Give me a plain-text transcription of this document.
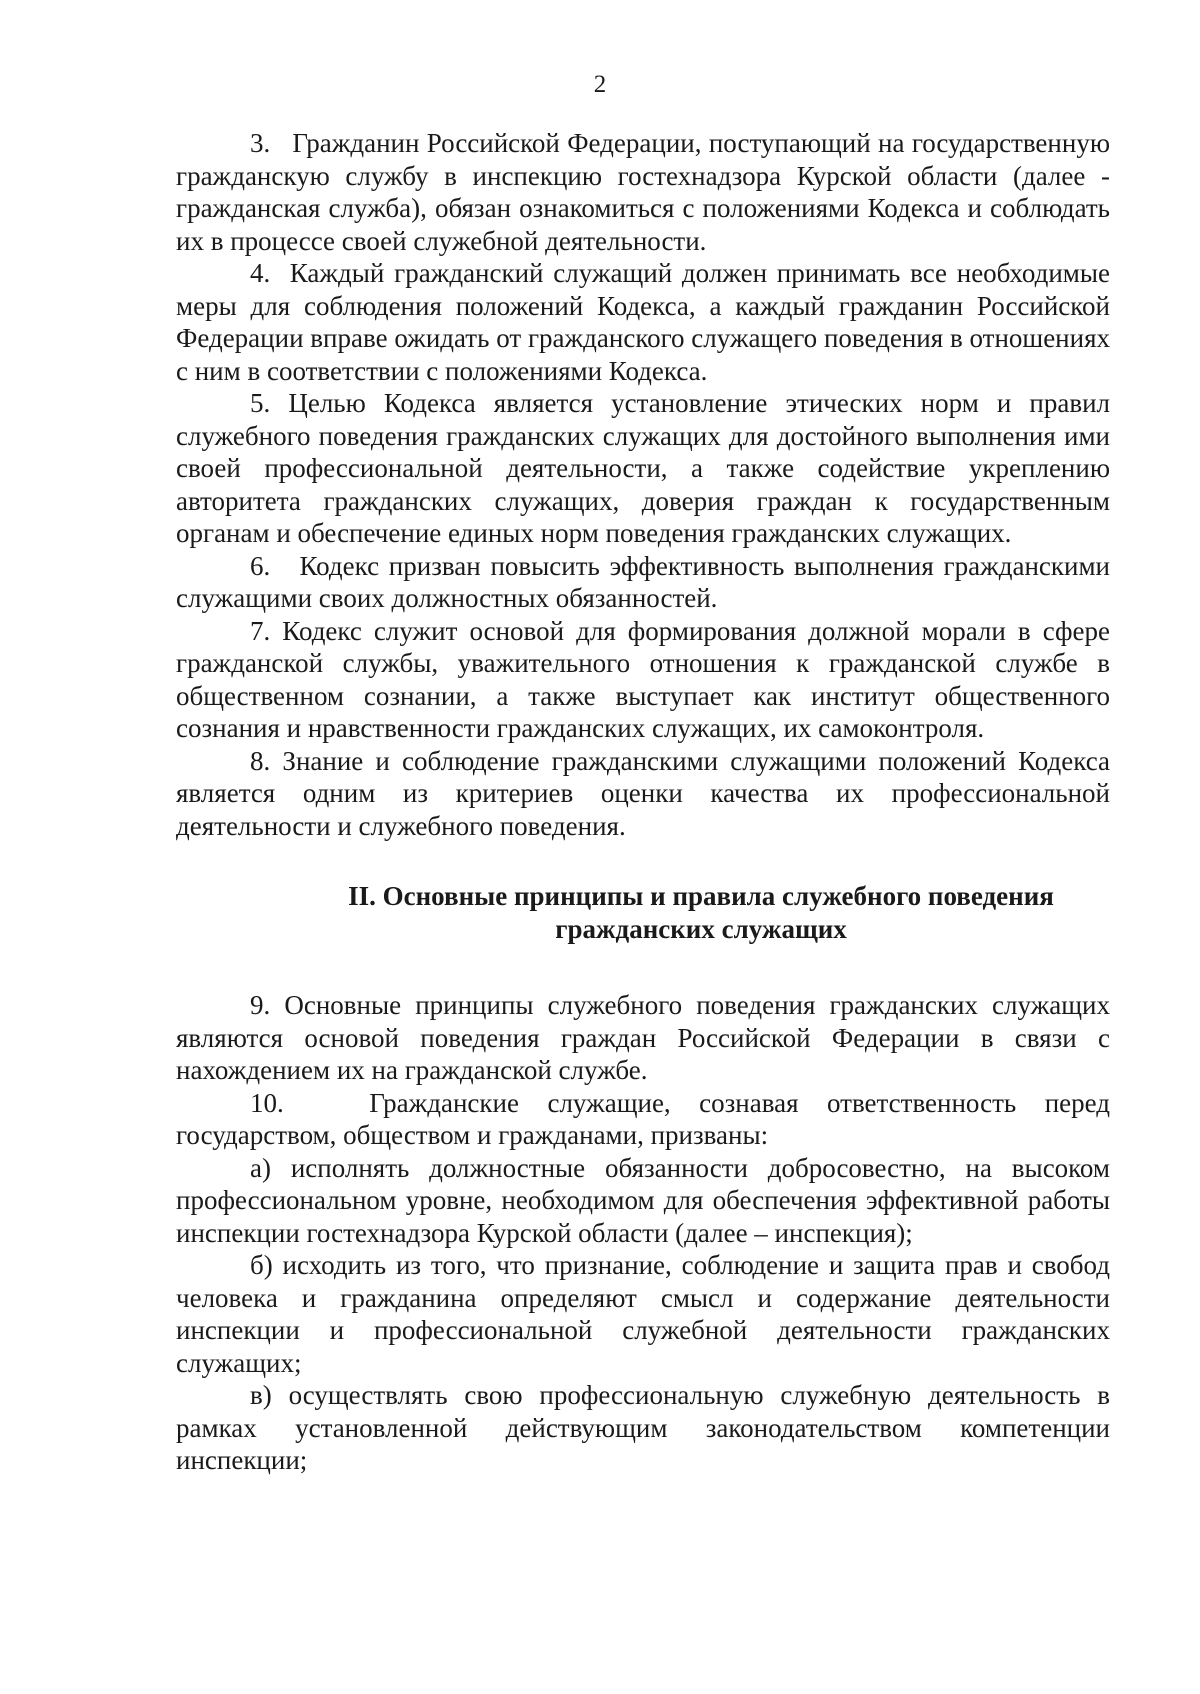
2

3.   Гражданин Российской Федерации, поступающий на государственную гражданскую службу в инспекцию гостехнадзора Курской области (далее - гражданская служба), обязан ознакомиться с положениями Кодекса и соблюдать их в процессе своей служебной деятельности.

4.  Каждый гражданский служащий должен принимать все необходимые меры для соблюдения положений Кодекса, а каждый гражданин Российской Федерации вправе ожидать от гражданского служащего поведения в отношениях с ним в соответствии с положениями Кодекса.

5. Целью Кодекса является установление этических норм и правил служебного поведения гражданских служащих для достойного выполнения ими своей профессиональной деятельности, а также содействие укреплению авторитета гражданских служащих, доверия граждан к государственным органам и обеспечение единых норм поведения гражданских служащих.

6.   Кодекс призван повысить эффективность выполнения гражданскими служащими своих должностных обязанностей.

7. Кодекс служит основой для формирования должной морали в сфере гражданской службы, уважительного отношения к гражданской службе в общественном сознании, а также выступает как институт общественного сознания и нравственности гражданских служащих, их самоконтроля.

8. Знание и соблюдение гражданскими служащими положений Кодекса является одним из критериев оценки качества их профессиональной деятельности и служебного поведения.

II. Основные принципы и правила служебного поведения

гражданских служащих

9. Основные принципы служебного поведения гражданских служащих являются основой поведения граждан Российской Федерации в связи с нахождением их на гражданской службе.

10.   Гражданские служащие, сознавая ответственность перед государством, обществом и гражданами, призваны:

а) исполнять должностные обязанности добросовестно, на высоком профессиональном уровне, необходимом для обеспечения эффективной работы инспекции гостехнадзора Курской области (далее – инспекция);

б) исходить из того, что признание, соблюдение и защита прав и свобод человека и гражданина определяют смысл и содержание деятельности инспекции и профессиональной служебной деятельности гражданских служащих;

в) осуществлять свою профессиональную служебную деятельность в рамках установленной действующим законодательством компетенции инспекции;
